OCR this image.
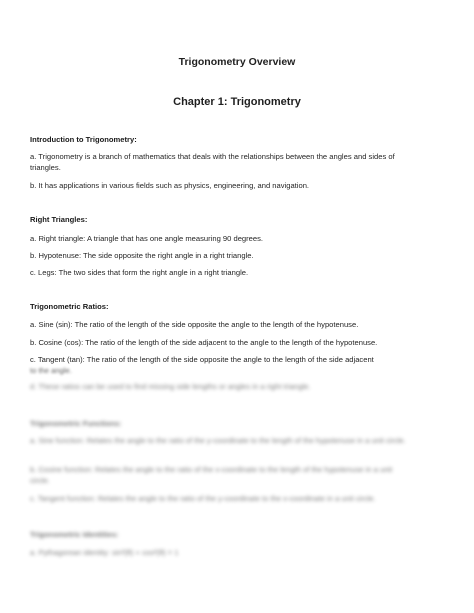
Trigonometry Overview
Chapter 1: Trigonometry
Introduction to Trigonometry:
a. Trigonometry is a branch of mathematics that deals with the relationships between the angles and sides of triangles.
b. It has applications in various fields such as physics, engineering, and navigation.
Right Triangles:
a. Right triangle: A triangle that has one angle measuring 90 degrees.
b. Hypotenuse: The side opposite the right angle in a right triangle.
c. Legs: The two sides that form the right angle in a right triangle.
Trigonometric Ratios:
a. Sine (sin): The ratio of the length of the side opposite the angle to the length of the hypotenuse.
b. Cosine (cos): The ratio of the length of the side adjacent to the angle to the length of the hypotenuse.
c. Tangent (tan): The ratio of the length of the side opposite the angle to the length of the side adjacent
to the angle.
d. These ratios can be used to find missing side lengths or angles in a right triangle.
Trigonometric Functions:
a. Sine function: Relates the angle to the ratio of the y-coordinate to the length of the hypotenuse in a unit circle.
b. Cosine function: Relates the angle to the ratio of the x-coordinate to the length of the hypotenuse in a unit circle.
c. Tangent function: Relates the angle to the ratio of the y-coordinate to the x-coordinate in a unit circle.
Trigonometric Identities:
a. Pythagorean identity: sin²(θ) + cos²(θ) = 1
